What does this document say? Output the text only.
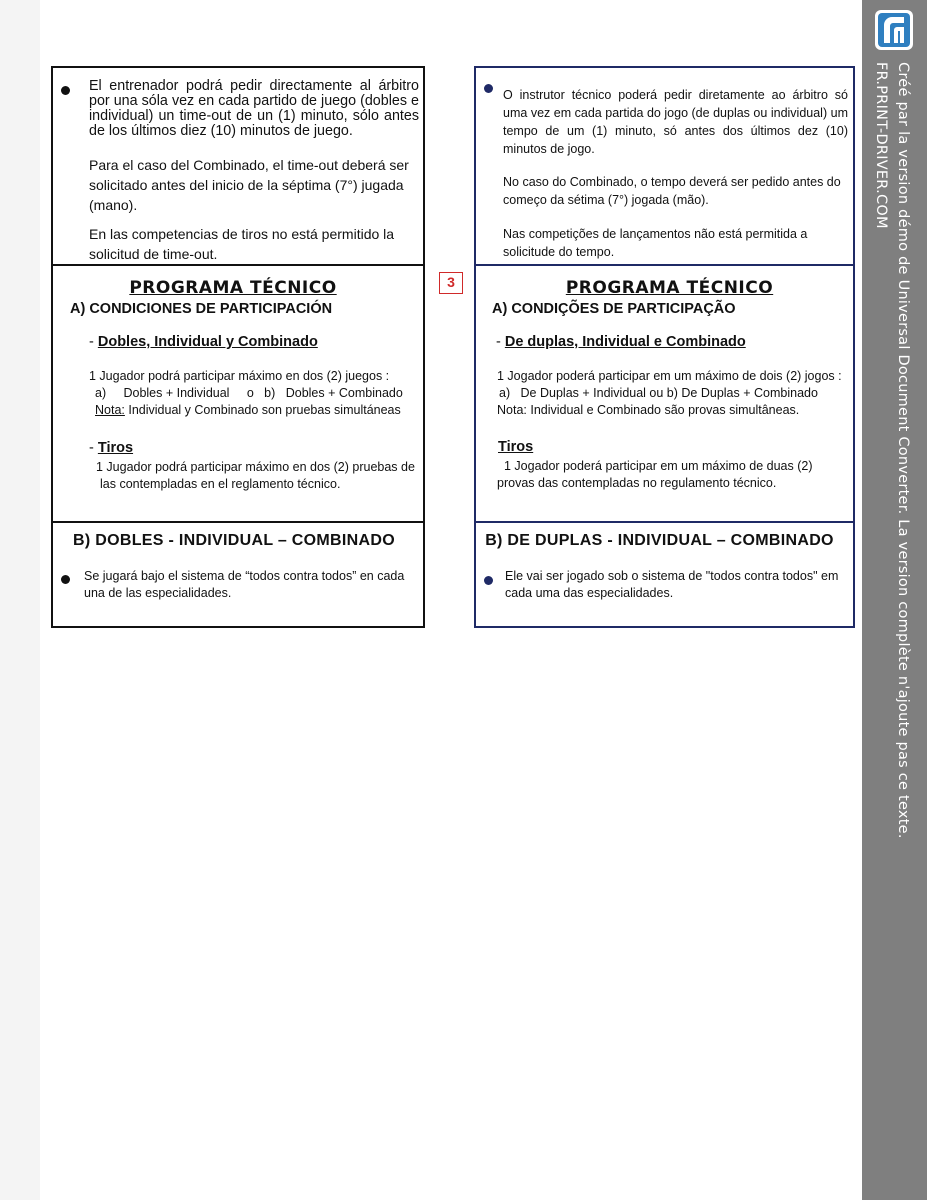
El entrenador podrá pedir directamente al árbitro por una sóla vez en cada partido de juego (dobles e individual) un time-out de un (1) minuto, sólo antes de los últimos diez (10) minutos de juego.
Para el caso del Combinado, el time-out deberá ser solicitado antes del inicio de la séptima (7°) jugada (mano).
En las competencias de tiros no está permitido la solicitud de time-out.
PROGRAMA TÉCNICO
A) CONDICIONES DE PARTICIPACIÓN
- Dobles, Individual y Combinado
1 Jugador podrá participar máximo en dos (2) juegos :
a)     Dobles + Individual     o   b)   Dobles + Combinado
Nota: Individual y Combinado son pruebas simultáneas
- Tiros
1 Jugador podrá participar máximo en dos (2) pruebas de
las contempladas en el reglamento técnico.
B) DOBLES - INDIVIDUAL – COMBINADO
Se jugará bajo el sistema de “todos contra todos” en cada una de las especialidades.
3
O instrutor técnico poderá pedir diretamente ao árbitro só uma vez em cada partida do jogo (de duplas ou individual) um tempo de um (1) minuto, só antes dos últimos dez (10) minutos de jogo.
No caso do Combinado, o tempo deverá ser pedido antes do começo da sétima (7°) jogada (mão).
Nas competições de lançamentos não está permitida a solicitude do tempo.
PROGRAMA TÉCNICO
A) CONDIÇÕES DE PARTICIPAÇÃO
- De duplas, Individual e Combinado
1 Jogador poderá participar em um máximo de dois (2) jogos :
a)   De Duplas + Individual ou b) De Duplas + Combinado
Nota: Individual e Combinado são provas simultâneas.
Tiros
1 Jogador poderá participar em um máximo de duas (2)
provas das contempladas no regulamento técnico.
B) DE DUPLAS - INDIVIDUAL – COMBINADO
Ele vai ser jogado sob o sistema de "todos contra todos" em cada uma das especialidades.	Créé par la version démo de Universal Document Converter. La version complète n'ajoute pas ce texte.
FR.PRINT-DRIVER.COM
